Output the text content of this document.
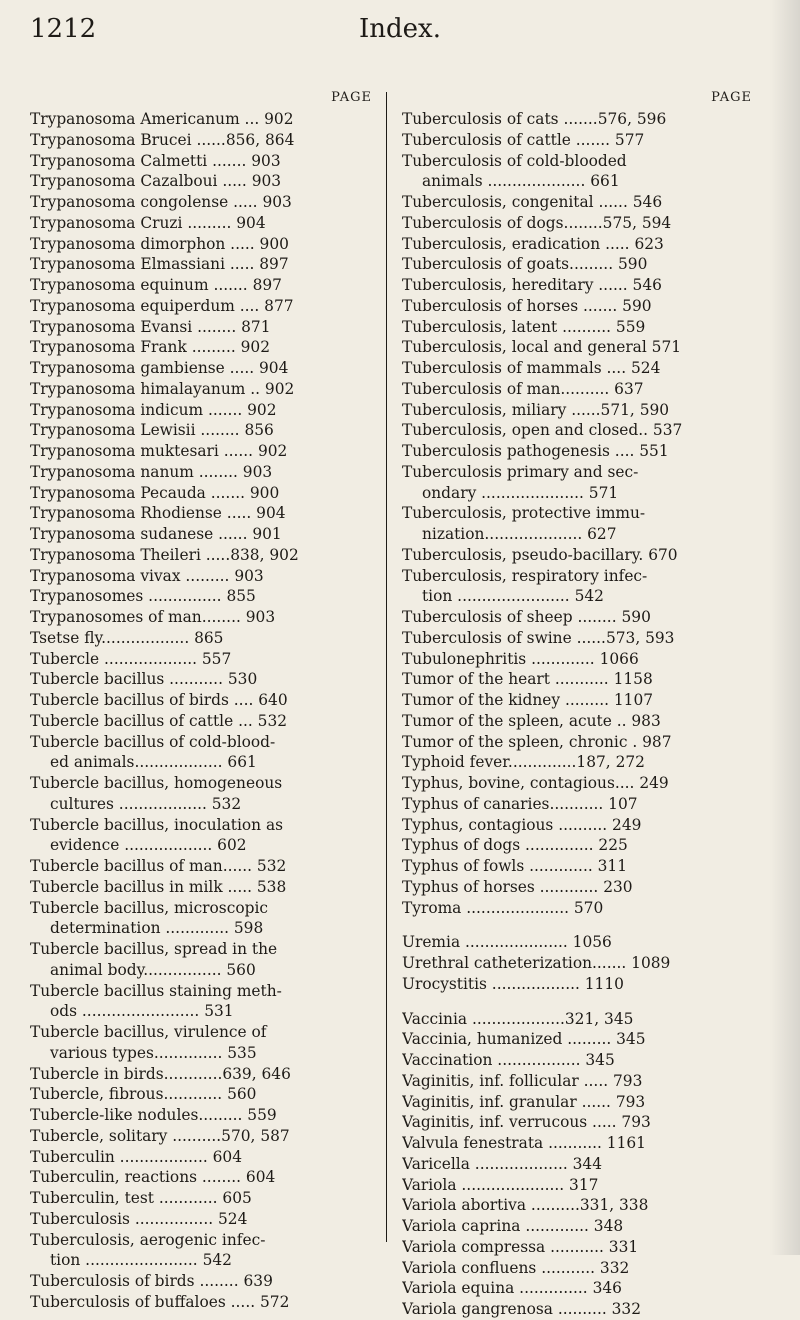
1212	Index.
PAGE
Trypanosoma Americanum ... 902
Trypanosoma Brucei ......856, 864
Trypanosoma Calmetti ....... 903
Trypanosoma Cazalboui ..... 903
Trypanosoma congolense ..... 903
Trypanosoma Cruzi ......... 904
Trypanosoma dimorphon ..... 900
Trypanosoma Elmassiani ..... 897
Trypanosoma equinum ....... 897
Trypanosoma equiperdum .... 877
Trypanosoma Evansi ........ 871
Trypanosoma Frank ......... 902
Trypanosoma gambiense ..... 904
Trypanosoma himalayanum .. 902
Trypanosoma indicum ....... 902
Trypanosoma Lewisii ........ 856
Trypanosoma muktesari ...... 902
Trypanosoma nanum ........ 903
Trypanosoma Pecauda ....... 900
Trypanosoma Rhodiense ..... 904
Trypanosoma sudanese ...... 901
Trypanosoma Theileri .....838, 902
Trypanosoma vivax ......... 903
Trypanosomes ............... 855
Trypanosomes of man........ 903
Tsetse fly.................. 865
Tubercle ................... 557
Tubercle bacillus ........... 530
Tubercle bacillus of birds .... 640
Tubercle bacillus of cattle ... 532
Tubercle bacillus of cold-blood-
ed animals.................. 661
Tubercle bacillus, homogeneous
cultures .................. 532
Tubercle bacillus, inoculation as
evidence .................. 602
Tubercle bacillus of man...... 532
Tubercle bacillus in milk ..... 538
Tubercle bacillus, microscopic
determination ............. 598
Tubercle bacillus, spread in the
animal body................ 560
Tubercle bacillus staining meth-
ods ........................ 531
Tubercle bacillus, virulence of
various types.............. 535
Tubercle in birds............639, 646
Tubercle, fibrous............ 560
Tubercle-like nodules......... 559
Tubercle, solitary ..........570, 587
Tuberculin .................. 604
Tuberculin, reactions ........ 604
Tuberculin, test ............ 605
Tuberculosis ................ 524
Tuberculosis, aerogenic infec-
tion ....................... 542
Tuberculosis of birds ........ 639
Tuberculosis of buffaloes ..... 572
PAGE
Tuberculosis of cats .......576, 596
Tuberculosis of cattle ....... 577
Tuberculosis of cold-blooded
animals .................... 661
Tuberculosis, congenital ...... 546
Tuberculosis of dogs........575, 594
Tuberculosis, eradication ..... 623
Tuberculosis of goats......... 590
Tuberculosis, hereditary ...... 546
Tuberculosis of horses ....... 590
Tuberculosis, latent .......... 559
Tuberculosis, local and general 571
Tuberculosis of mammals .... 524
Tuberculosis of man.......... 637
Tuberculosis, miliary ......571, 590
Tuberculosis, open and closed.. 537
Tuberculosis pathogenesis .... 551
Tuberculosis primary and sec-
ondary ..................... 571
Tuberculosis, protective immu-
nization.................... 627
Tuberculosis, pseudo-bacillary. 670
Tuberculosis, respiratory infec-
tion ....................... 542
Tuberculosis of sheep ........ 590
Tuberculosis of swine ......573, 593
Tubulonephritis ............. 1066
Tumor of the heart ........... 1158
Tumor of the kidney ......... 1107
Tumor of the spleen, acute .. 983
Tumor of the spleen, chronic . 987
Typhoid fever..............187, 272
Typhus, bovine, contagious.... 249
Typhus of canaries........... 107
Typhus, contagious .......... 249
Typhus of dogs .............. 225
Typhus of fowls ............. 311
Typhus of horses ............ 230
Tyroma ..................... 570
Uremia ..................... 1056
Urethral catheterization....... 1089
Urocystitis .................. 1110
Vaccinia ...................321, 345
Vaccinia, humanized ......... 345
Vaccination ................. 345
Vaginitis, inf. follicular ..... 793
Vaginitis, inf. granular ...... 793
Vaginitis, inf. verrucous ..... 793
Valvula fenestrata ........... 1161
Varicella ................... 344
Variola ..................... 317
Variola abortiva ..........331, 338
Variola caprina ............. 348
Variola compressa ........... 331
Variola confluens ........... 332
Variola equina .............. 346
Variola gangrenosa .......... 332
